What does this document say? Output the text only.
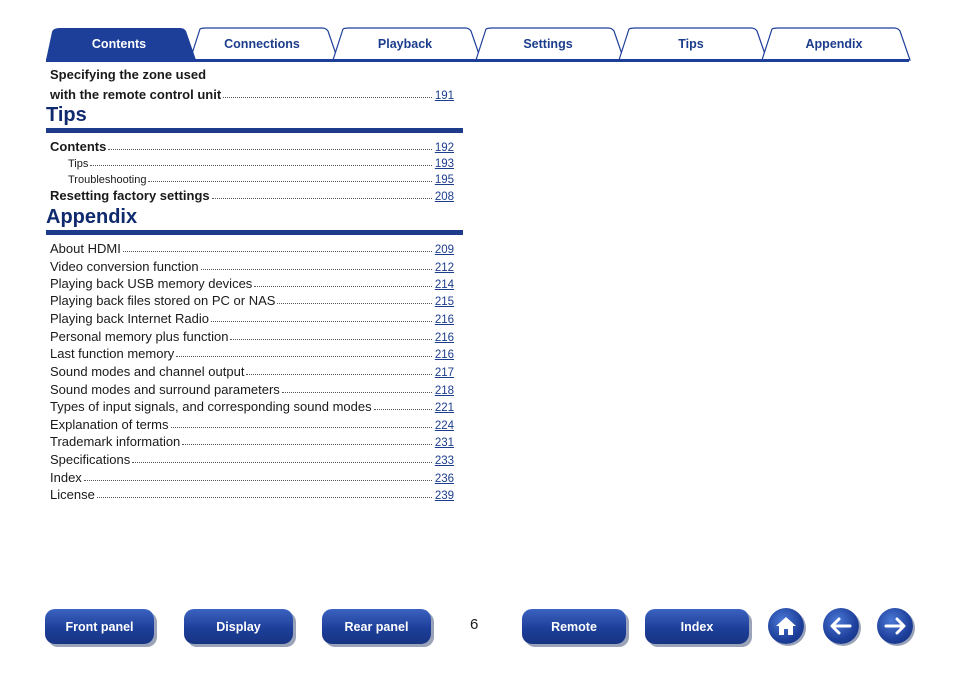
Contents	Connections	Playback	Settings	Tips	Appendix
Specifying the zone used
with the remote control unit	191
Tips
Contents	192
Tips	193
Troubleshooting	195
Resetting factory settings	208
Appendix
About HDMI	209
Video conversion function	212
Playing back USB memory devices	214
Playing back files stored on PC or NAS	215
Playing back Internet Radio	216
Personal memory plus function	216
Last function memory	216
Sound modes and channel output	217
Sound modes and surround parameters	218
Types of input signals, and corresponding sound modes	221
Explanation of terms	224
Trademark information	231
Specifications	233
Index	236
License	239
Front panel	Display	Rear panel	6	Remote	Index
